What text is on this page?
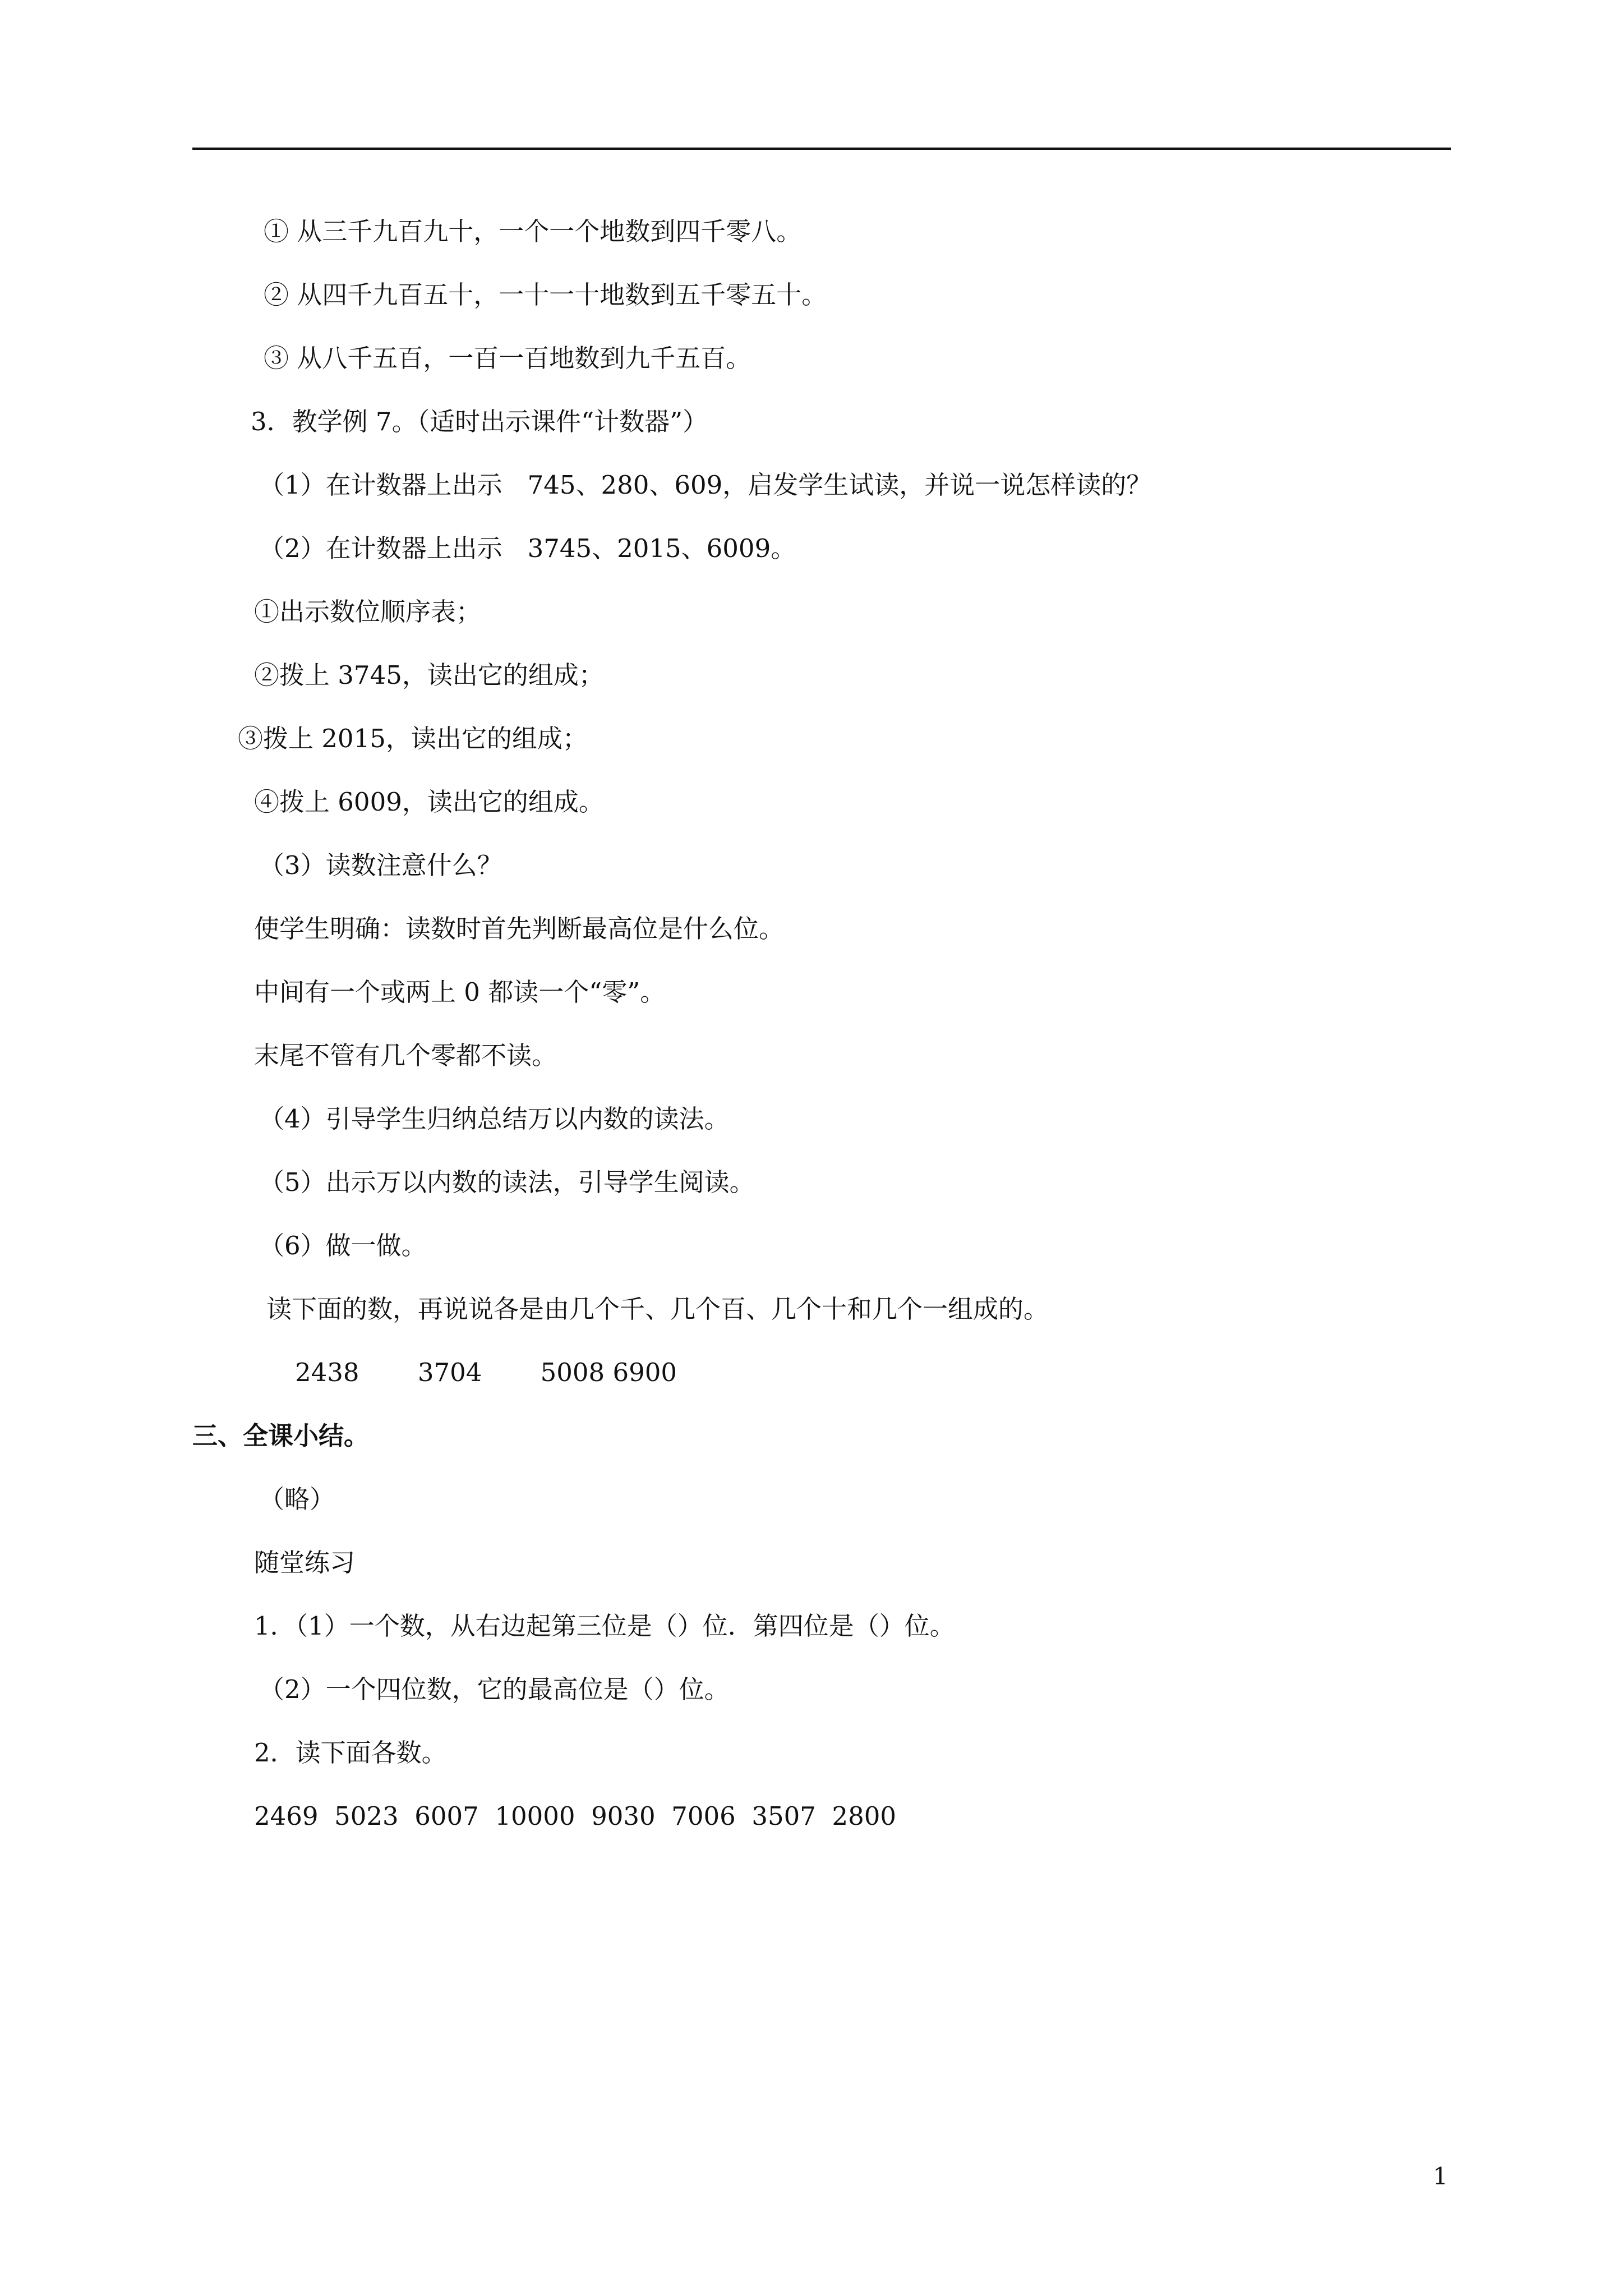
① 从三千九百九十，一个一个地数到四千零八。
② 从四千九百五十，一十一十地数到五千零五十。
③ 从八千五百，一百一百地数到九千五百。
3．教学例 7。（适时出示课件“计数器”）
（1）在计数器上出示　745、280、609，启发学生试读，并说一说怎样读的？
（2）在计数器上出示　3745、2015、6009。
①出示数位顺序表；
②拨上 3745，读出它的组成；
③拨上 2015，读出它的组成；
④拨上 6009，读出它的组成。
（3）读数注意什么？
使学生明确：读数时首先判断最高位是什么位。
中间有一个或两上 0 都读一个“零”。
末尾不管有几个零都不读。
（4）引导学生归纳总结万以内数的读法。
（5）出示万以内数的读法，引导学生阅读。
（6）做一做。
读下面的数，再说说各是由几个千、几个百、几个十和几个一组成的。
2438　　 3704　　 5008 6900
三、全课小结。
（略）
随堂练习
1．（1）一个数，从右边起第三位是（）位．第四位是（）位。
（2）一个四位数，它的最高位是（）位。
2．读下面各数。
2469  5023  6007  10000  9030  7006  3507  2800
1
